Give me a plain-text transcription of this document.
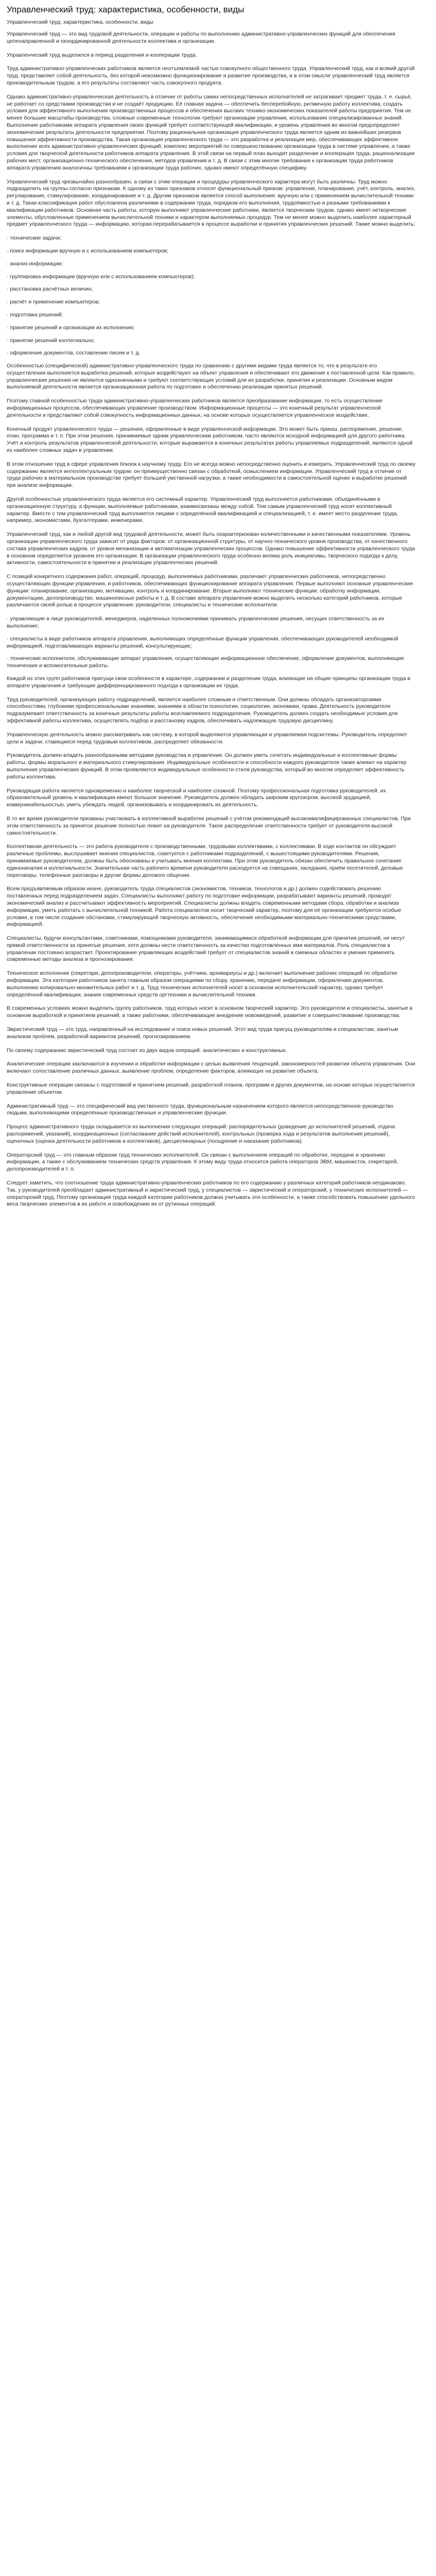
Управленческий труд: характеристика, особенности, виды
Управленческий труд: характеристика, особенности, виды

Управленческий труд — это вид трудовой деятельности, операции и работы по выполнению административно-управленческих функций для обеспечения целенаправленной и скоординированной деятельности коллектива и организации.

Управленческий труд выделился в период разделения и кооперации труда.

Труд административно-управленческих работников является неотъемлемой частью совокупного общественного труда. Управленческий труд, как и всякий другой труд, представляет собой деятельность, без которой невозможно функционирование и развитие производства, и в этом смысле управленческий труд является производительным трудом, а его результаты составляют часть совокупного продукта.

Однако административно-управленческая деятельность в отличие от работы самих непосредственных исполнителей не затрагивает предмет труда, т. е. сырьё, не работает со средствами производства и не создаёт продукцию. Её главная задача — обеспечить бесперебойную, ритмичную работу коллектива, создать условия для эффективного выполнения производственных процессов и обеспечения высоких технико-экономических показателей работы предприятия. Тем не менее большие масштабы производства, сложные современные технологии требуют организации управления, использования специализированных знаний. Выполнение работниками аппарата управления своих функций требует соответствующей квалификации, и уровень управления во многом предопределяет экономические результаты деятельности предприятия. Поэтому рациональная организация управленческого труда является одним из важнейших резервов повышения эффективности производства. Такая организация управленческого труда — это разработка и реализация мер, обеспечивающих эффективное выполнение всех административно-управленческих функций, комплекс мероприятий по совершенствованию организации труда в системе управления, а также условия для творческой деятельности работников аппарата управления. В этой связи на первый план выходят разделение и кооперация труда, рационализация рабочих мест, организационно-технического обеспечения, методов управления и т. д. В связи с этим многие требования к организации труда работников аппарата управления аналогичны требованиям к организации труда рабочих, однако имеют определённую специфику.

Управленческий труд чрезвычайно разнообразен, а связи с этим операции и процедуры управленческого характера могут быть различны. Труд можно подразделить на группы согласно признакам. К одному из таких признаков относят функциональный признак: управление, планирование, учёт, контроль, анализ, регулирование, стимулирование, координирование и т. д. Другим признаком является способ выполнения: вручную или с применением вычислительной техники и т. д. Такая классификация работ обусловлена различиями в содержании труда, порядком его выполнения, трудоёмкостью и разными требованиями к квалификации работников. Основная часть работы, которую выполняют управленческие работники, является творческим трудом, однако имеет нетворческие элементы, обусловленные применением вычислительной техники и характером выполняемых процедур. Тем не менее можно выделить наиболее характерный предмет управленческого труда — информацию, которая перерабатывается в процессе выработки и принятия управленческих решений. Также можно выделить:

· технические задачи;

· поиск информации вручную и с использованием компьютеров;

· анализ информации;

· группировка информации (вручную или с использованием компьютеров);

· расстановка расчётных величин;

· расчёт и применение компьютеров;

· подготовка решений;

· принятие решений и организация их исполнения;

· принятие решений коллегиально;

· оформление документов, составление писем и т. д.

Особенностью (специфической) административно-управленческого труда по сравнению с другими видами труда является то, что в результате его осуществления выполняется выработка решений, которые воздействуют на объект управления и обеспечивают его движение к поставленной цели. Как правило, управленческие решения не являются однозначными и требуют соответствующих условий для их разработки, принятия и реализации. Основным видом выполняемой деятельности является организационная работа по подготовке и обеспечению реализации принятых решений.

Поэтому главной особенностью труда административно-управленческих работников является преобразование информации, то есть осуществление информационных процессов, обеспечивающих управление производством. Информационные процессы — это конечный результат управленческой деятельности и представляют собой совокупность информационных данных, на основе которых осуществляется управленческое воздействие.

Конечный продукт управленческого труда — решения, оформленные в виде управленческой информации. Это может быть приказ, распоряжение, решение, план, программа и т. п. При этом решения, принимаемые одним управленческим работником, часто являются исходной информацией для другого работника. Учёт и контроль результатов управленческой деятельности, которые выражаются в конечных результатах работы управляемых подразделений, являются одной из наиболее сложных задач в управлении.

В этом отношении труд в сфере управления близок к научному труду. Его не всегда можно непосредственно оценить и измерить. Управленческий труд по своему содержанию является интеллектуальным трудом: он преимущественно связан с обработкой, осмыслением информации. Управленческий труд в отличие от труда рабочих в материальном производстве требует большей умственной нагрузки, а также необходимости в самостоятельной оценке и выработке решений при анализе информации.

Другой особенностью управленческого труда является его системный характер. Управленческий труд выполняется работниками, объединёнными в организационную структуру, а функции, выполняемые работниками, взаимосвязаны между собой. Тем самым управленческий труд носит коллективный характер. Вместе с тем управленческий труд выполняется лицами с определённой квалификацией и специализацией, т. е. имеет место разделение труда, например, экономистами, бухгалтерами, инженерами.

Управленческий труд, как и любой другой вид трудовой деятельности, может быть охарактеризован количественными и качественными показателями. Уровень организации управленческого труда зависит от ряда факторов: от организационной структуры, от научно-технического уровня производства, от качественного состава управленческих кадров, от уровня механизации и автоматизации управленческих процессов. Однако повышение эффективности управленческого труда в основном определяется уровнем его организации. В организации управленческого труда особенно велика роль инициативы, творческого подхода к делу, активности, самостоятельности в принятии и реализации управленческих решений.

С позиций конкретного содержания работ, операций, процедур, выполняемых работниками, различают управленческих работников, непосредственно осуществляющих функции управления, и работников, обеспечивающих функционирование аппарата управления. Первые выполняют основные управленческие функции: планирование, организацию, мотивацию, контроль и координирование. Вторые выполняют технические функции: обработку информации, документацию, делопроизводство, машинописные работы и т. д. В составе аппарата управления можно выделить несколько категорий работников, которые различаются своей ролью в процессе управления: руководители, специалисты и технические исполнители.

· управляющие в лице руководителей, менеджеров, наделенных полномочиями принимать управленческие решения, несущих ответственность за их выполнение;

· специалисты в виде работников аппарата управления, выполняющих определённые функции управления, обеспечивающих руководителей необходимой информацией, подготавливающих варианты решений, консультирующих;

· технические исполнители, обслуживающие аппарат управления, осуществляющие информационное обеспечение, оформление документов, выполняющие технические и вспомогательные работы.

Каждой из этих групп работников присущи свои особенности в характере, содержании и разделении труда, влияющие на общие принципы организации труда в аппарате управления и требующие дифференцированного подхода к организации их труда.

Труд руководителей, организующих работу подразделений, является наиболее сложным и ответственным. Они должны обладать организаторскими способностями, глубокими профессиональными знаниями, знаниями в области психологии, социологии, экономики, права. Деятельность руководителя подразумевает ответственность за конечные результаты работы возглавляемого подразделения. Руководитель должен создать необходимые условия для эффективной работы коллектива, осуществлять подбор и расстановку кадров, обеспечивать надлежащую трудовую дисциплину.

Управленческую деятельность можно рассматривать как систему, в которой выделяются управляющая и управляемая подсистемы. Руководитель определяет цели и задачи, ставящиеся перед трудовым коллективом, распределяет обязанности.

Руководитель должен владеть разнообразными методами руководства и управления. Он должен уметь сочетать индивидуальные и коллективные формы работы, формы морального и материального стимулирования. Индивидуальные особенности и способности каждого руководителя также влияют на характер выполнения управленческих функций. В этом проявляются индивидуальные особенности стиля руководства, который во многом определяет эффективность работы коллектива.

Руководящая работа является одновременно и наиболее творческой и наиболее сложной. Поэтому профессиональная подготовка руководителей, их образовательный уровень и квалификация имеют большое значение. Руководитель должен обладать широким кругозором, высокой эрудицией, коммуникабельностью, уметь убеждать людей, организовывать и координировать их деятельность.

В то же время руководители призваны участвовать в коллективной выработке решений с учётом рекомендаций высококвалифицированных специалистов. При этом ответственность за принятое решение полностью лежит на руководителе. Такое распределение ответственности требует от руководителя высокой самостоятельности.

Коллективная деятельность — это работа руководителя с производственными, трудовыми коллективами, с коллективами. В ходе контактов он обсуждает различные проблемы, выслушивает мнения специалистов, советуется с работниками подразделений, с вышестоящими руководителями. Решения, принимаемые руководителем, должны быть обоснованы и учитывать мнения коллектива. При этом руководитель обязан обеспечить правильное сочетание единоначалия и коллегиальности. Значительная часть рабочего времени руководителя расходуется на совещания, заседания, приём посетителей, деловые переговоры, телефонные разговоры и другие формы делового общения.

Всем предъявляемым образом иначе, руководитель труда специалистов (экономистов, техников, технологов и др.) должен содействовать решению поставленных перед подразделением задач. Специалисты выполняют работу по подготовке информации, разрабатывают варианты решений, проводят экономический анализ и рассчитывают эффективность мероприятий. Специалисты должны владеть современными методами сбора, обработки и анализа информации, уметь работать с вычислительной техникой. Работа специалистов носит творческий характер, поэтому для её организации требуются особые условия, в том числе создание обстановки, стимулирующей творческую активность, обеспечение необходимыми материально-техническими средствами, информацией.

Специалисты, будучи консультантами, советниками, помощниками руководителя, занимающимися обработкой информации для принятия решений, не несут прямой ответственности за принятые решения, хотя должны нести ответственность за качество подготовленных ими материалов. Роль специалистов в управлении постоянно возрастает. Проектирование управляющих воздействий требует от специалистов знаний в смежных областях и умения применять современные методы анализа и прогнозирования.

Техническое исполнение (секретари, делопроизводители, операторы, учётчики, архивариусы и др.) включает выполнение рабочих операций по обработке информации. Эта категория работников занята главным образом операциями по сбору, хранению, передаче информации, оформлению документов, выполнению копировально-множительных работ и т. д. Труд технических исполнителей носит в основном исполнительский характер, однако требует определённой квалификации, знания современных средств оргтехники и вычислительной техники.

В современных условиях можно выделить группу работников, труд которых носит в основном творческий характер. Это руководители и специалисты, занятые в основном выработкой и принятием решений, а также работники, обеспечивающие внедрение нововведений, развитие и совершенствование производства.

Эвристический труд — это труд, направленный на исследование и поиск новых решений. Этот вид труда присущ руководителям и специалистам, занятым анализом проблем, разработкой вариантов решений, прогнозированием.

По своему содержанию эвристический труд состоит из двух видов операций: аналитических и конструктивных.

Аналитические операции заключаются в изучении и обработке информации с целью выявления тенденций, закономерностей развития объекта управления. Они включают сопоставление различных данных, выявление проблем, определение факторов, влияющих на развитие объекта.

Конструктивные операции связаны с подготовкой и принятием решений, разработкой планов, программ и других документов, на основе которых осуществляется управление объектом.

Административный труд — это специфический вид умственного труда, функциональным назначением которого является непосредственное руководство людьми, выполняющими определённые производственные и управленческие функции.

Процесс административного труда складывается из выполнения следующих операций: распорядительных (доведение до исполнителей решений, отдача распоряжений, указаний), координационных (согласование действий исполнителей), контрольных (проверка хода и результатов выполнения решений), оценочных (оценка деятельности работников и коллективов), дисциплинарных (поощрение и наказание работников).

Операторский труд — это главным образом труд технических исполнителей. Он связан с выполнением операций по обработке, передаче и хранению информации, а также с обслуживанием технических средств управления. К этому виду труда относится работа операторов ЭВМ, машинисток, секретарей, делопроизводителей и т. п.

Следует заметить, что соотношение труда административно-управленческих работников по его содержанию у различных категорий работников неодинаково. Так, у руководителей преобладает административный и эвристический труд, у специалистов — эвристический и операторский, у технических исполнителей — операторский труд. Поэтому организация труда каждой категории работников должна учитывать эти особенности, а также способствовать повышению удельного веса творческих элементов в их работе и освобождению их от рутинных операций.
